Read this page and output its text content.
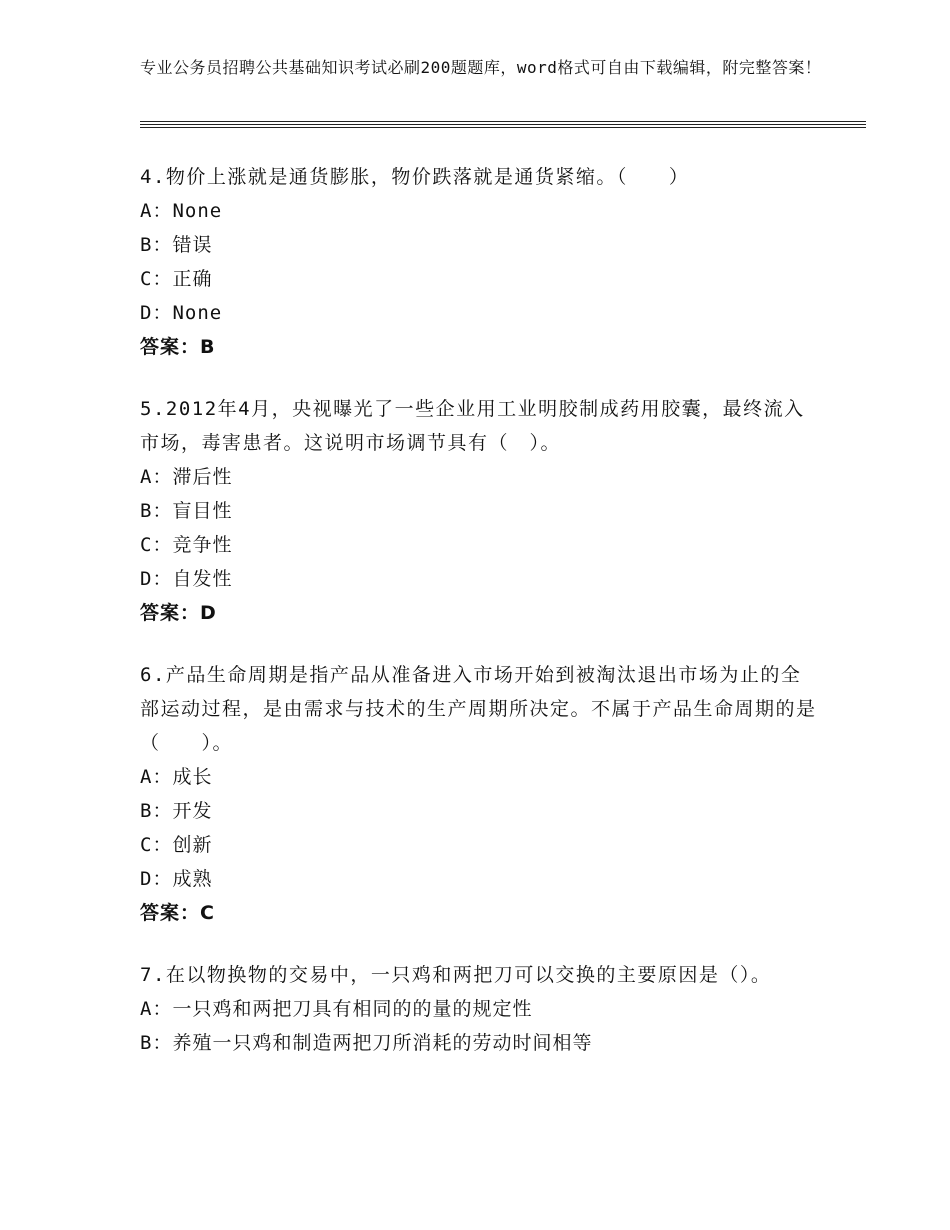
专业公务员招聘公共基础知识考试必刷200题题库，word格式可自由下载编辑，附完整答案！
4.物价上涨就是通货膨胀，物价跌落就是通货紧缩。（　　）
A：None
B：错误
C：正确
D：None
答案：B
5.2012年4月，央视曝光了一些企业用工业明胶制成药用胶囊，最终流入市场，毒害患者。这说明市场调节具有（　）。
A：滞后性
B：盲目性
C：竞争性
D：自发性
答案：D
6.产品生命周期是指产品从准备进入市场开始到被淘汰退出市场为止的全部运动过程，是由需求与技术的生产周期所决定。不属于产品生命周期的是（　　）。
A：成长
B：开发
C：创新
D：成熟
答案：C
7.在以物换物的交易中，一只鸡和两把刀可以交换的主要原因是（）。
A：一只鸡和两把刀具有相同的的量的规定性
B：养殖一只鸡和制造两把刀所消耗的劳动时间相等
